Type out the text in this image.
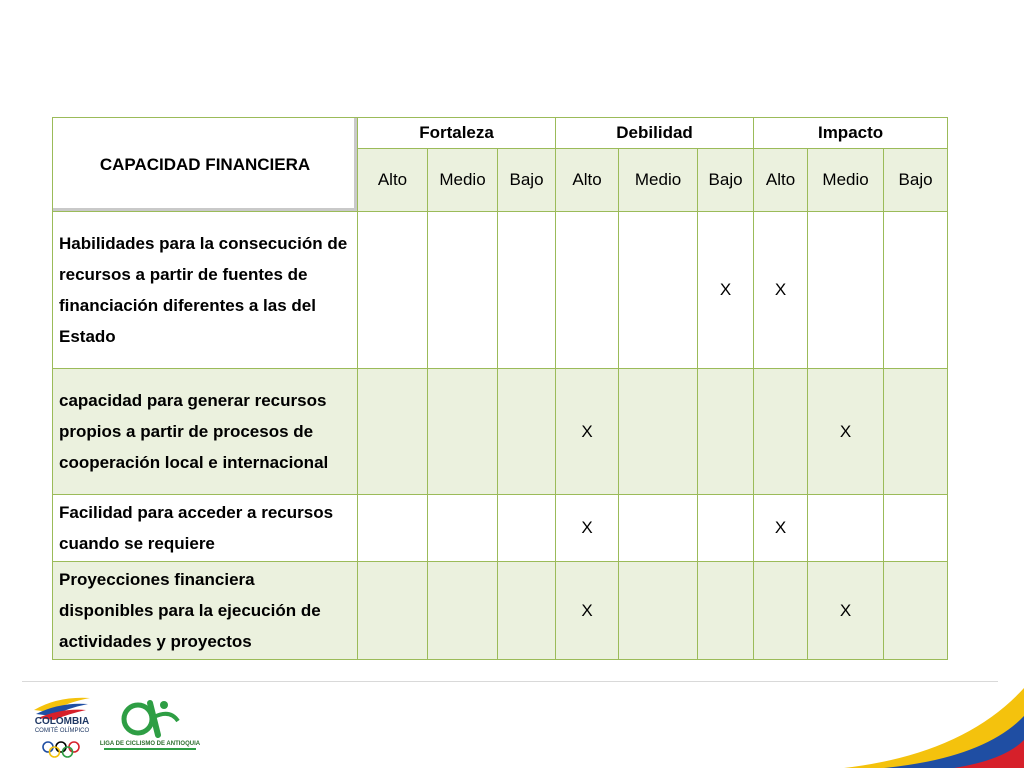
CAPACIDAD FINANCIERA	Fortaleza			Debilidad			Impacto		
	Alto	Medio	Bajo	Alto	Medio	Bajo	Alto	Medio	Bajo
Habilidades para la consecución de recursos a partir de fuentes de financiación diferentes a las del Estado						X	X		
capacidad para generar recursos propios a partir de procesos de cooperación local e internacional				X				X	
Facilidad para acceder a recursos cuando se requiere				X			X		
Proyecciones financiera disponibles para la ejecución de actividades y proyectos				X				X	
COLOMBIA
COMITÉ OLÍMPICO
LIGA DE CICLISMO DE ANTIOQUIA
